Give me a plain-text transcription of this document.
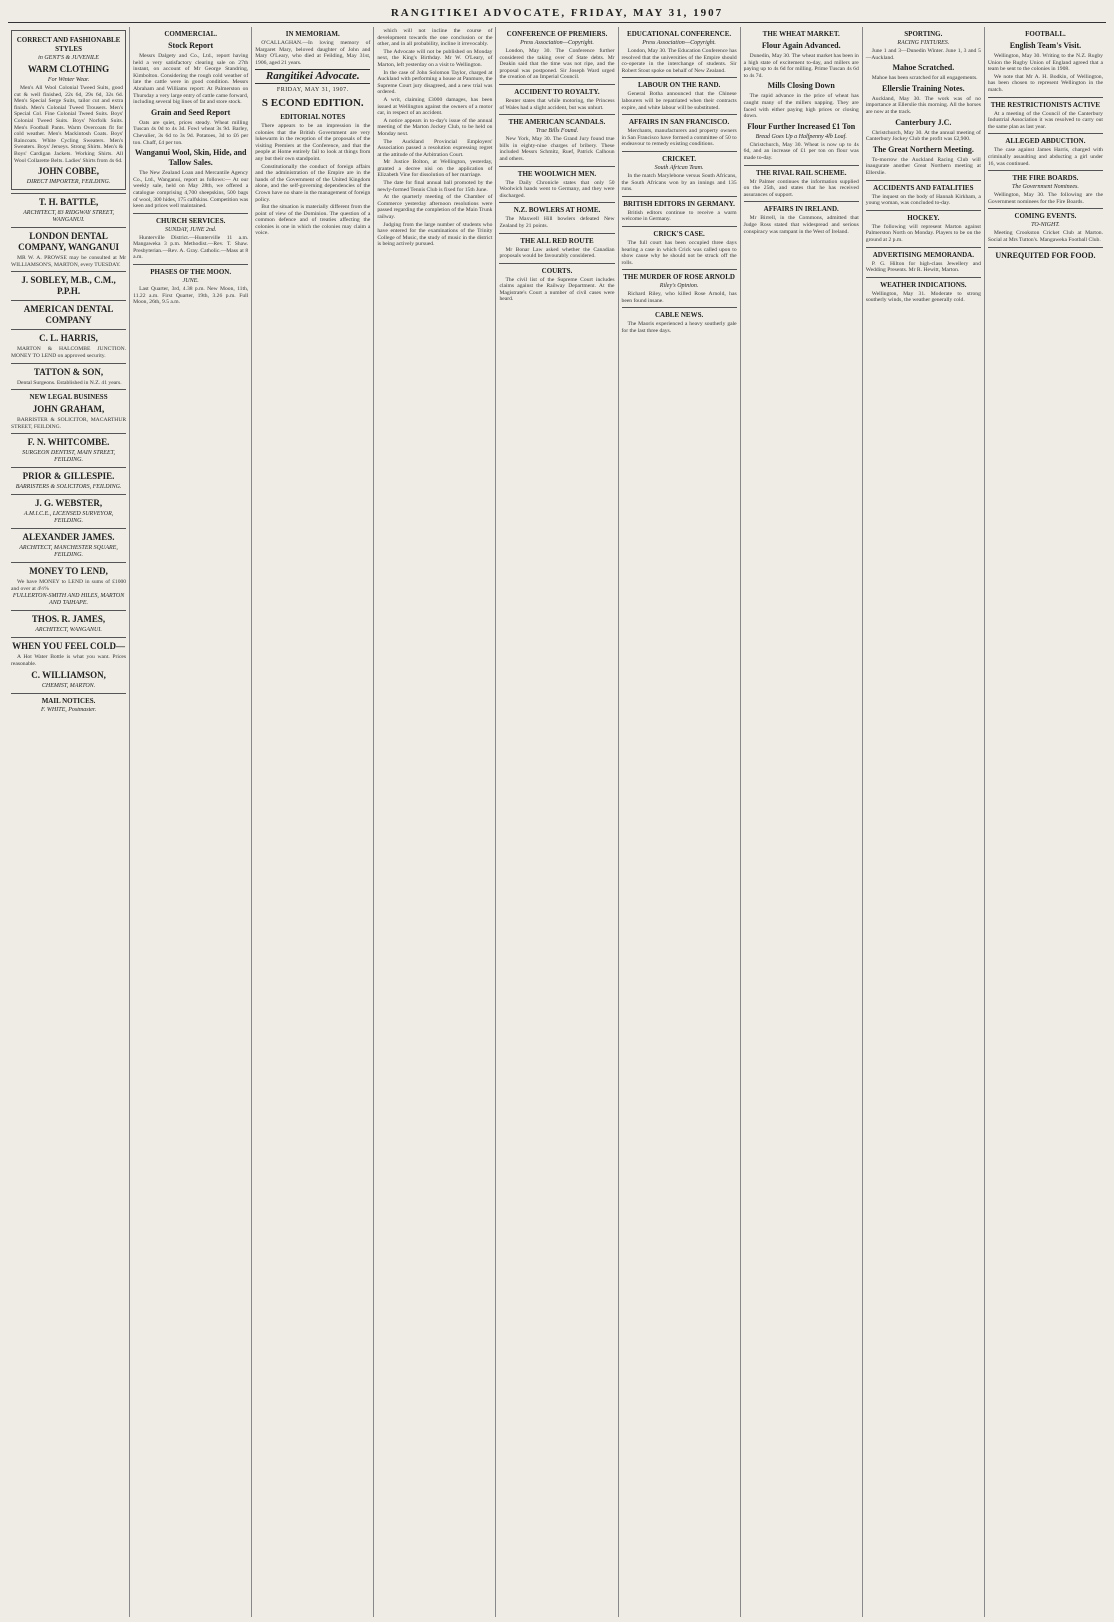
RANGITIKEI ADVOCATE, FRIDAY, MAY 31, 1907
CORRECT AND FASHIONABLE STYLES
in GENT'S & JUVENILE
WARM CLOTHING
For Winter Wear.
Men's All Wool Colonial Tweed Suits, good cut & well finished, 22s 6d, 29s 6d, 32s 6d. Men's Special Serge Suits, tailor cut and extra finish. Men's Colonial Tweed Trousers. Men's Special Col. Fine Colonial Tweed Suits. Boys' Colonial Tweed Suits. Boys' Norfolk Suits. Men's Football Pants. Warm Overcoats fit for cold weather. Men's Mackintosh Coats. Boys' Raincoats. White Cycling Sweaters. Men's Sweaters. Boys' Jerseys. Strong Shirts. Men's & Boys' Cardigan Jackets. Working Shirts. All Wool Collarette Belts. Ladies' Shirts from 4s 6d.
JOHN COBBE,
DIRECT IMPORTER, FEILDING.
T. H. BATTLE,
ARCHITECT, 83 RIDGWAY STREET, WANGANUI.
LONDON DENTAL COMPANY, WANGANUI
MR W. A. PROWSE may be consulted at Mr WILLIAMSON'S, MARTON, every TUESDAY.
J. SOBLEY, M.B., C.M., P.P.H.
AMERICAN DENTAL COMPANY
C. L. HARRIS,
MARTON & HALCOMBE JUNCTION. MONEY TO LEND on approved security.
TATTON & SON,
Dental Surgeons. Established in N.Z. 41 years.
NEW LEGAL BUSINESS
JOHN GRAHAM,
BARRISTER & SOLICITOR, MACARTHUR STREET, FEILDING.
F. N. WHITCOMBE.
SURGEON DENTIST, MAIN STREET, FEILDING.
PRIOR & GILLESPIE.
BARRISTERS & SOLICITORS, FEILDING.
J. G. WEBSTER,
A.M.I.C.E., LICENSED SURVEYOR, FEILDING.
ALEXANDER JAMES.
ARCHITECT, MANCHESTER SQUARE, FEILDING.
MONEY TO LEND,
We have MONEY to LEND in sums of £1000 and over at 4½%
FULLERTON-SMITH AND HILES, MARTON AND TAIHAPE.
THOS. R. JAMES,
ARCHITECT, WANGANUI.
WHEN YOU FEEL COLD—
A Hot Water Bottle is what you want. Prices reasonable.
C. WILLIAMSON,
CHEMIST, MARTON.
MAIL NOTICES.
F. WHITE, Postmaster.
COMMERCIAL.
Stock Report
Messrs Dalgety and Co., Ltd., report having held a very satisfactory clearing sale on 27th instant, on account of Mr George Standring, Kimbolton. Considering the rough cold weather of late the cattle were in good condition. Messrs Abraham and Williams report: At Palmerston on Thursday a very large entry of cattle came forward, including several big lines of fat and store stock.
Grain and Seed Report
Oats are quiet, prices steady. Wheat milling Tuscan 4s 0d to 4s 3d. Fowl wheat 3s 9d. Barley, Chevalier, 3s 6d to 3s 9d. Potatoes, 3d to £6 per ton. Chaff, £4 per ton.
Wanganui Wool, Skin, Hide, and Tallow Sales.
The New Zealand Loan and Mercantile Agency Co., Ltd., Wanganui, report as follows:— At our weekly sale, held on May 28th, we offered a catalogue comprising 4,700 sheepskins, 500 bags of wool, 300 hides, 175 calfskins. Competition was keen and prices well maintained.
CHURCH SERVICES.
SUNDAY, JUNE 2nd.
Hunterville District.—Hunterville 11 a.m. Mangaweka 3 p.m. Methodist.—Rev. T. Shaw. Presbyterian.—Rev. A. Gray. Catholic.—Mass at 8 a.m.
PHASES OF THE MOON.
JUNE.
Last Quarter, 3rd, 4.38 p.m. New Moon, 11th, 11.22 a.m. First Quarter, 19th, 3.26 p.m. Full Moon, 26th, 9.5 a.m.
IN MEMORIAM.
O'CALLAGHAN.—In loving memory of Margaret Mary, beloved daughter of John and Mary O'Leary, who died at Feilding, May 31st, 1906, aged 21 years.
Rangitikei Advocate.
FRIDAY, MAY 31, 1907.
S ECOND EDITION.
EDITORIAL NOTES
There appears to be an impression in the colonies that the British Government are very lukewarm in the reception of the proposals of the visiting Premiers at the Conference, and that the people at Home entirely fail to look at things from any but their own standpoint.
Constitutionally the conduct of foreign affairs and the administration of the Empire are in the hands of the Government of the United Kingdom alone, and the self-governing dependencies of the Crown have no share in the management of foreign policy.
But the situation is materially different from the point of view of the Dominion. The question of a common defence and of treaties affecting the colonies is one in which the colonies may claim a voice.
which will not incline the course of development towards the one conclusion or the other, and in all probability, incline it irrevocably.
The Advocate will not be published on Monday next, the King's Birthday. Mr W. O'Leary, of Marton, left yesterday on a visit to Wellington.
In the case of John Solomon Taylor, charged at Auckland with performing a house at Panmure, the Supreme Court jury disagreed, and a new trial was ordered.
A writ, claiming £3000 damages, has been issued at Wellington against the owners of a motor car, in respect of an accident.
A notice appears in to-day's issue of the annual meeting of the Marton Jockey Club, to be held on Monday next.
The Auckland Provincial Employers' Association passed a resolution expressing regret at the attitude of the Arbitration Court.
Mr Justice Bolton, at Wellington, yesterday, granted a decree nisi on the application of Elizabeth Vine for dissolution of her marriage.
The date for final annual ball promoted by the newly-formed Tennis Club is fixed for 15th June.
At the quarterly meeting of the Chamber of Commerce yesterday afternoon resolutions were passed regarding the completion of the Main Trunk railway.
Judging from the large number of students who have entered for the examinations of the Trinity College of Music, the study of music in the district is being actively pursued.
CONFERENCE OF PREMIERS.
Press Association—Copyright.
London, May 30. The Conference further considered the taking over of State debts. Mr Deakin said that the time was not ripe, and the proposal was postponed. Sir Joseph Ward urged the creation of an Imperial Council.
ACCIDENT TO ROYALTY.
Reuter states that while motoring, the Princess of Wales had a slight accident, but was unhurt.
THE AMERICAN SCANDALS.
True Bills Found.
New York, May 30. The Grand Jury found true bills in eighty-nine charges of bribery. These included Messrs Schmitz, Ruef, Patrick Calhoun and others.
THE WOOLWICH MEN.
The Daily Chronicle states that only 50 Woolwich hands went to Germany, and they were discharged.
N.Z. BOWLERS AT HOME.
The Maxwell Hill bowlers defeated New Zealand by 21 points.
THE ALL RED ROUTE
Mr Bonar Law asked whether the Canadian proposals would be favourably considered.
COURTS.
The civil list of the Supreme Court includes claims against the Railway Department. At the Magistrate's Court a number of civil cases were heard.
EDUCATIONAL CONFERENCE.
Press Association—Copyright.
London, May 30. The Education Conference has resolved that the universities of the Empire should co-operate in the interchange of students. Sir Robert Stout spoke on behalf of New Zealand.
LABOUR ON THE RAND.
General Botha announced that the Chinese labourers will be repatriated when their contracts expire, and white labour will be substituted.
AFFAIRS IN SAN FRANCISCO.
Merchants, manufacturers and property owners in San Francisco have formed a committee of 50 to endeavour to remedy existing conditions.
CRICKET.
South African Team.
In the match Marylebone versus South Africans, the South Africans won by an innings and 135 runs.
BRITISH EDITORS IN GERMANY.
British editors continue to receive a warm welcome in Germany.
CRICK'S CASE.
The full court has been occupied three days hearing a case in which Crick was called upon to show cause why he should not be struck off the rolls.
THE MURDER OF ROSE ARNOLD
Riley's Opinion.
Richard Riley, who killed Rose Arnold, has been found insane.
CABLE NEWS.
The Maoris experienced a heavy southerly gale for the last three days.
THE WHEAT MARKET.
Flour Again Advanced.
Dunedin, May 30. The wheat market has been in a high state of excitement to-day, and millers are paying up to 4s 6d for milling. Prime Tuscan 4s 6d to 4s 7d.
Mills Closing Down
The rapid advance in the price of wheat has caught many of the millers napping. They are faced with either paying high prices or closing down.
Flour Further Increased £1 Ton
Bread Goes Up a Halfpenny 4lb Loaf.
Christchurch, May 30. Wheat is now up to 4s 6d, and an increase of £1 per ton on flour was made to-day.
THE RIVAL RAIL SCHEME.
Mr Palmer continues the information supplied on the 25th, and states that he has received assurances of support.
AFFAIRS IN IRELAND.
Mr Birrell, in the Commons, admitted that Judge Ross stated that widespread and serious conspiracy was rampant in the West of Ireland.
SPORTING.
RACING FIXTURES.
June 1 and 3—Dunedin Winter. June 1, 3 and 5—Auckland.
Mahoe Scratched.
Mahoe has been scratched for all engagements.
Ellerslie Training Notes.
Auckland, May 30. The work was of no importance at Ellerslie this morning. All the horses are now at the track.
Canterbury J.C.
Christchurch, May 30. At the annual meeting of Canterbury Jockey Club the profit was £2,900.
The Great Northern Meeting.
To-morrow the Auckland Racing Club will inaugurate another Great Northern meeting at Ellerslie.
ACCIDENTS AND FATALITIES
The inquest on the body of Hannah Kirkham, a young woman, was concluded to-day.
HOCKEY.
The following will represent Marton against Palmerston North on Monday. Players to be on the ground at 2 p.m.
ADVERTISING MEMORANDA.
P. G. Hilton for high-class Jewellery and Wedding Presents. Mr R. Hewitt, Marton.
WEATHER INDICATIONS.
Wellington, May 31. Moderate to strong southerly winds, the weather generally cold.
FOOTBALL.
English Team's Visit.
Wellington, May 30. Writing to the N.Z. Rugby Union the Rugby Union of England agreed that a team be sent to the colonies in 1908.
We note that Mr A. H. Bodkin, of Wellington, has been chosen to represent Wellington in the match.
THE RESTRICTIONISTS ACTIVE
At a meeting of the Council of the Canterbury Industrial Association it was resolved to carry out the same plan as last year.
ALLEGED ABDUCTION.
The case against James Harris, charged with criminally assaulting and abducting a girl under 16, was continued.
THE FIRE BOARDS.
The Government Nominees.
Wellington, May 30. The following are the Government nominees for the Fire Boards.
COMING EVENTS.
TO-NIGHT.
Meeting Crookston Cricket Club at Marton. Social at Mrs Tutton's. Mangaweka Football Club.
UNREQUITED FOR FOOD.
